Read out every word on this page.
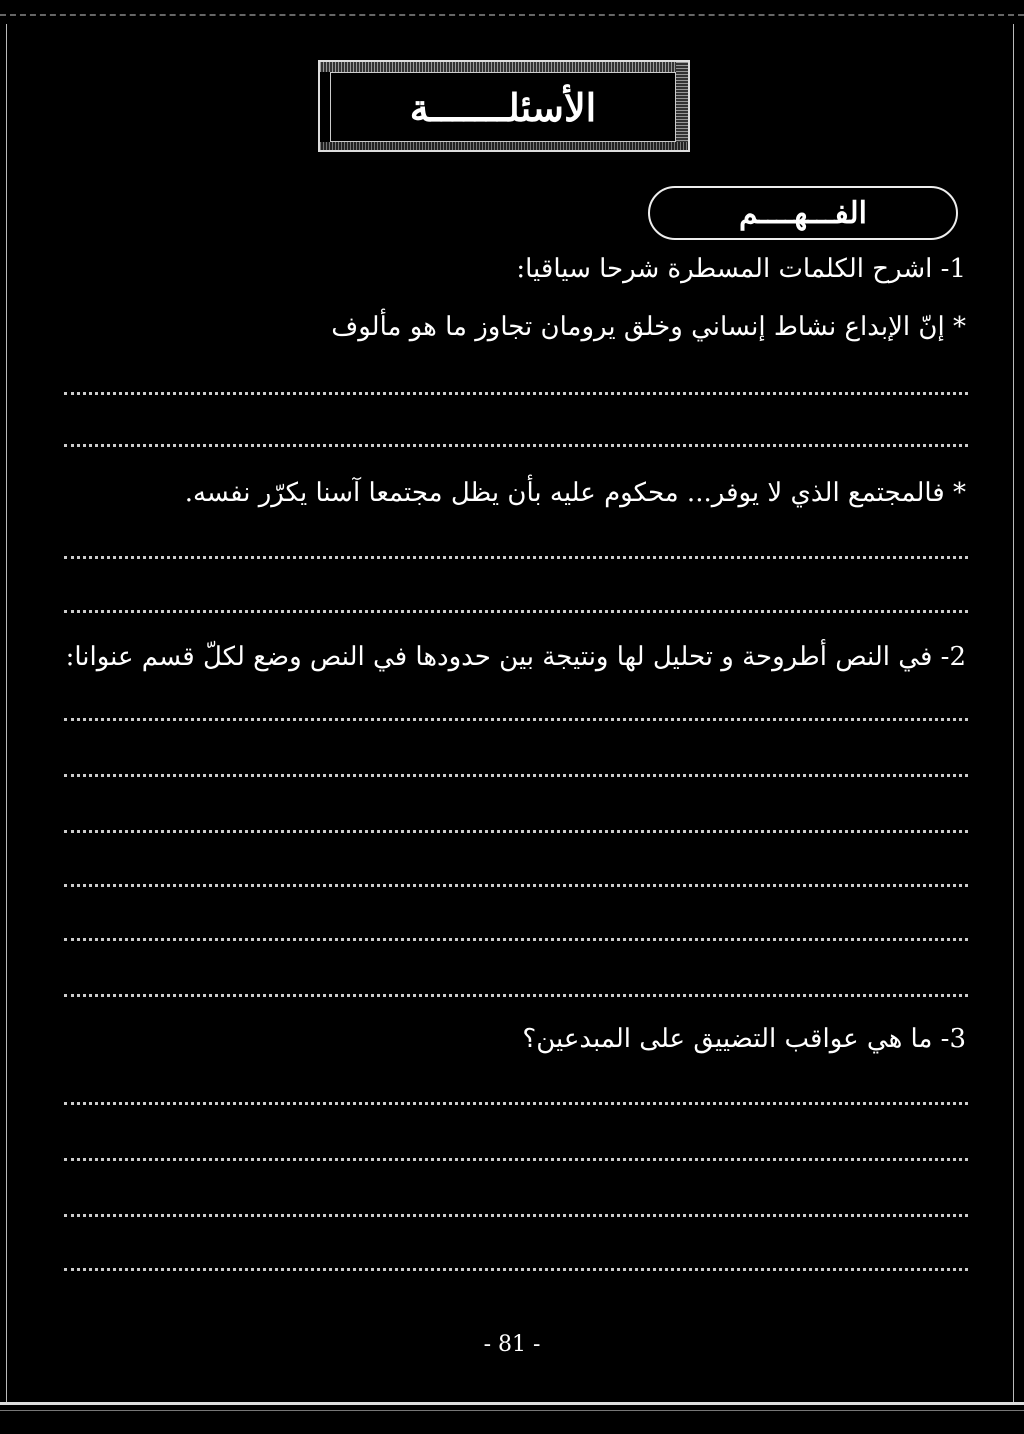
الأسئلـــــــة
الفـــهــــم
1- اشرح الكلمات المسطرة شرحا سياقيا:
* إنّ الإبداع نشاط إنساني وخلق يرومان تجاوز ما هو مألوف
* فالمجتمع الذي لا يوفر... محكوم عليه بأن يظل مجتمعا آسنا يكرّر نفسه.
2- في النص أطروحة و تحليل لها ونتيجة بين حدودها في النص وضع لكلّ قسم عنوانا:
3- ما هي عواقب التضييق على المبدعين؟
- 81 -
